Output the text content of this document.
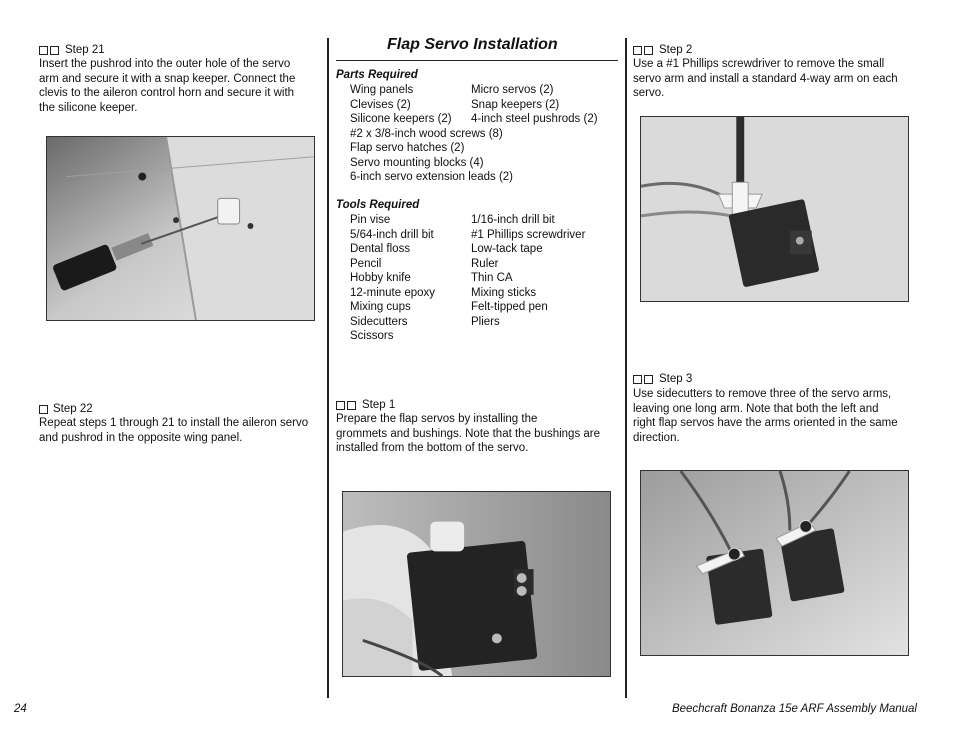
Step 21
Insert the pushrod into the outer hole of the servo
arm and secure it with a snap keeper. Connect the
clevis to the aileron control horn and secure it with
the silicone keeper.
Step 22
Repeat steps 1 through 21 to install the aileron servo
and pushrod in the opposite wing panel.
Flap Servo Installation
Parts Required
Wing panels	Micro servos (2)
Clevises (2)	Snap keepers (2)
Silicone keepers (2) 4-inch steel pushrods (2)
#2 x 3/8-inch wood screws (8)
Flap servo hatches (2)
Servo mounting blocks (4)
6-inch servo extension leads (2)
Tools Required
Pin vise	1/16-inch drill bit
5/64-inch drill bit	#1 Phillips screwdriver
Dental floss	Low-tack tape
Pencil	Ruler
Hobby knife	Thin CA
12-minute epoxy	Mixing sticks
Mixing cups	Felt-tipped pen
Sidecutters	Pliers
Scissors
Step 1
Prepare the flap servos by installing the
grommets and bushings. Note that the bushings are
installed from the bottom of the servo.
Step 2
Use a #1 Phillips screwdriver to remove the small
servo arm and install a standard 4-way arm on each
servo.
Step 3
Use sidecutters to remove three of the servo arms,
leaving one long arm. Note that both the left and
right flap servos have the arms oriented in the same
direction.
24	Beechcraft Bonanza 15e ARF Assembly Manual
